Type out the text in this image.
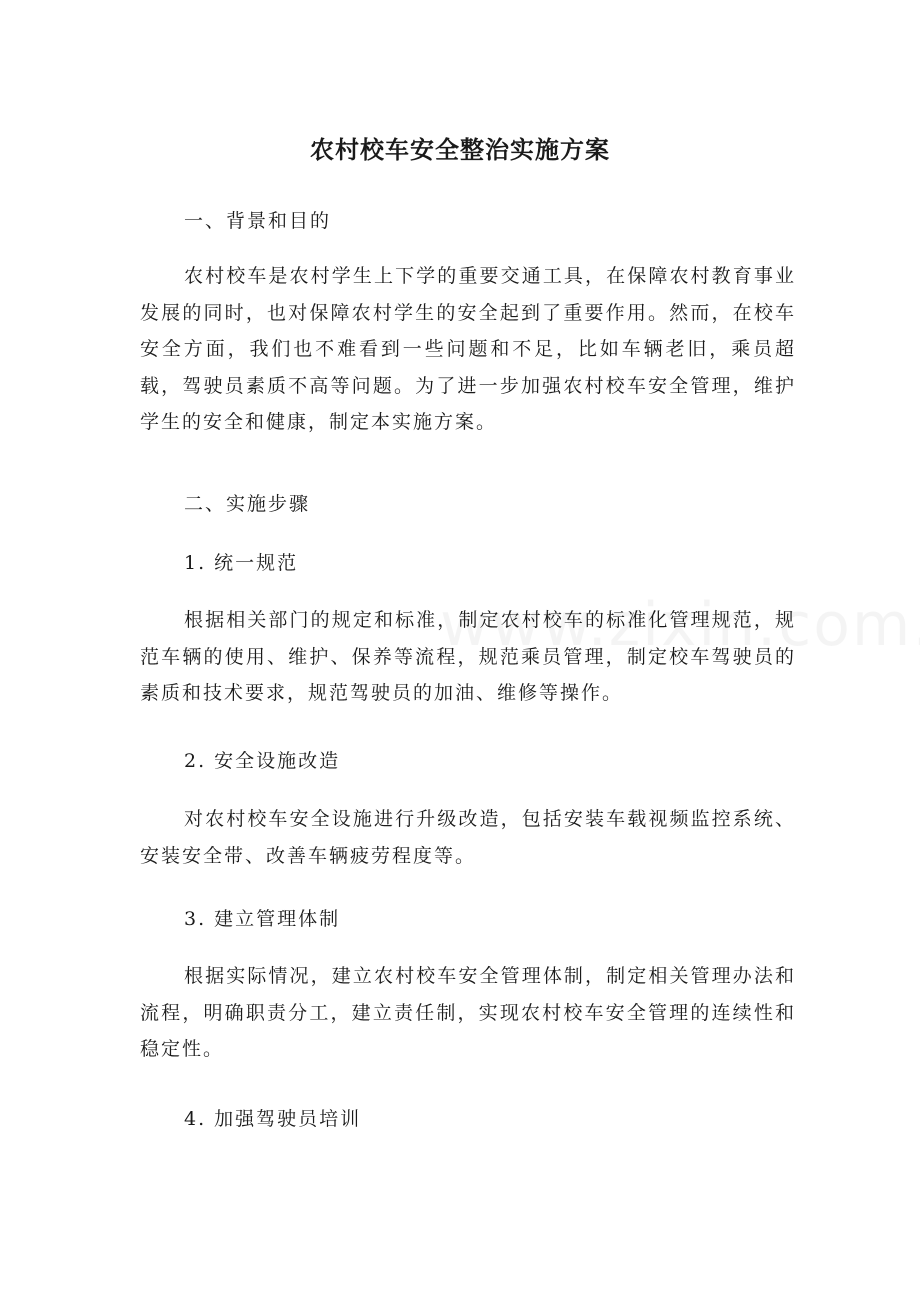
农村校车安全整治实施方案
一、背景和目的
农村校车是农村学生上下学的重要交通工具，在保障农村教育事业发展的同时，也对保障农村学生的安全起到了重要作用。然而，在校车安全方面，我们也不难看到一些问题和不足，比如车辆老旧，乘员超载，驾驶员素质不高等问题。为了进一步加强农村校车安全管理，维护学生的安全和健康，制定本实施方案。
二、实施步骤
1. 统一规范
根据相关部门的规定和标准，制定农村校车的标准化管理规范，规范车辆的使用、维护、保养等流程，规范乘员管理，制定校车驾驶员的素质和技术要求，规范驾驶员的加油、维修等操作。
2. 安全设施改造
对农村校车安全设施进行升级改造，包括安装车载视频监控系统、安装安全带、改善车辆疲劳程度等。
3. 建立管理体制
根据实际情况，建立农村校车安全管理体制，制定相关管理办法和流程，明确职责分工，建立责任制，实现农村校车安全管理的连续性和稳定性。
4. 加强驾驶员培训
